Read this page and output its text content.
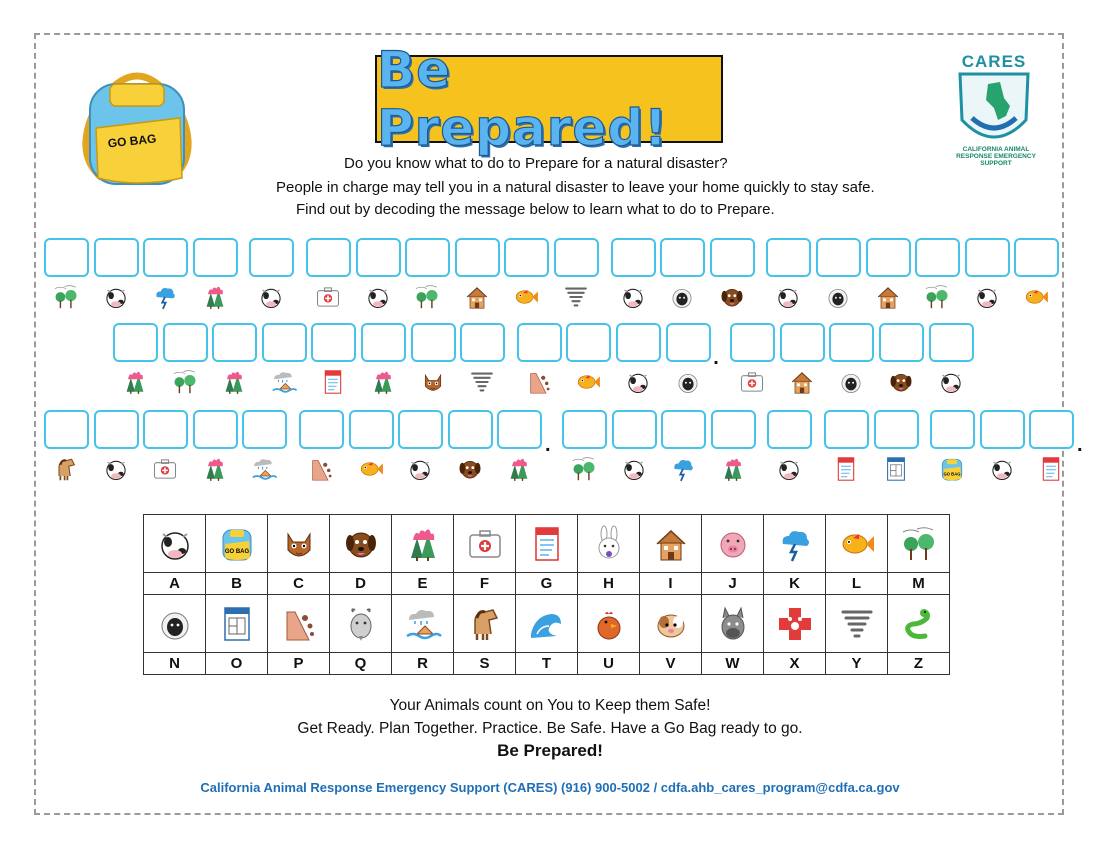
GO BAG
Be Prepared!
CARES
CALIFORNIA ANIMAL RESPONSE EMERGENCY SUPPORT
Do you know what to do to Prepare for a natural disaster?
People in charge may tell you in a natural disaster to leave your home quickly to stay safe.
Find out by decoding the message below to learn what to do to Prepare.
.
.
GO BAG
.

GO BAG

A	B	C	D	E	F	G	H	I	J	K	L	M

N	O	P	Q	R	S	T	U	V	W	X	Y	Z
Your Animals count on You to Keep them Safe!
Get Ready. Plan Together. Practice. Be Safe. Have a Go Bag ready to go.
Be Prepared!
California Animal Response Emergency Support (CARES) (916) 900-5002 / cdfa.ahb_cares_program@cdfa.ca.gov
